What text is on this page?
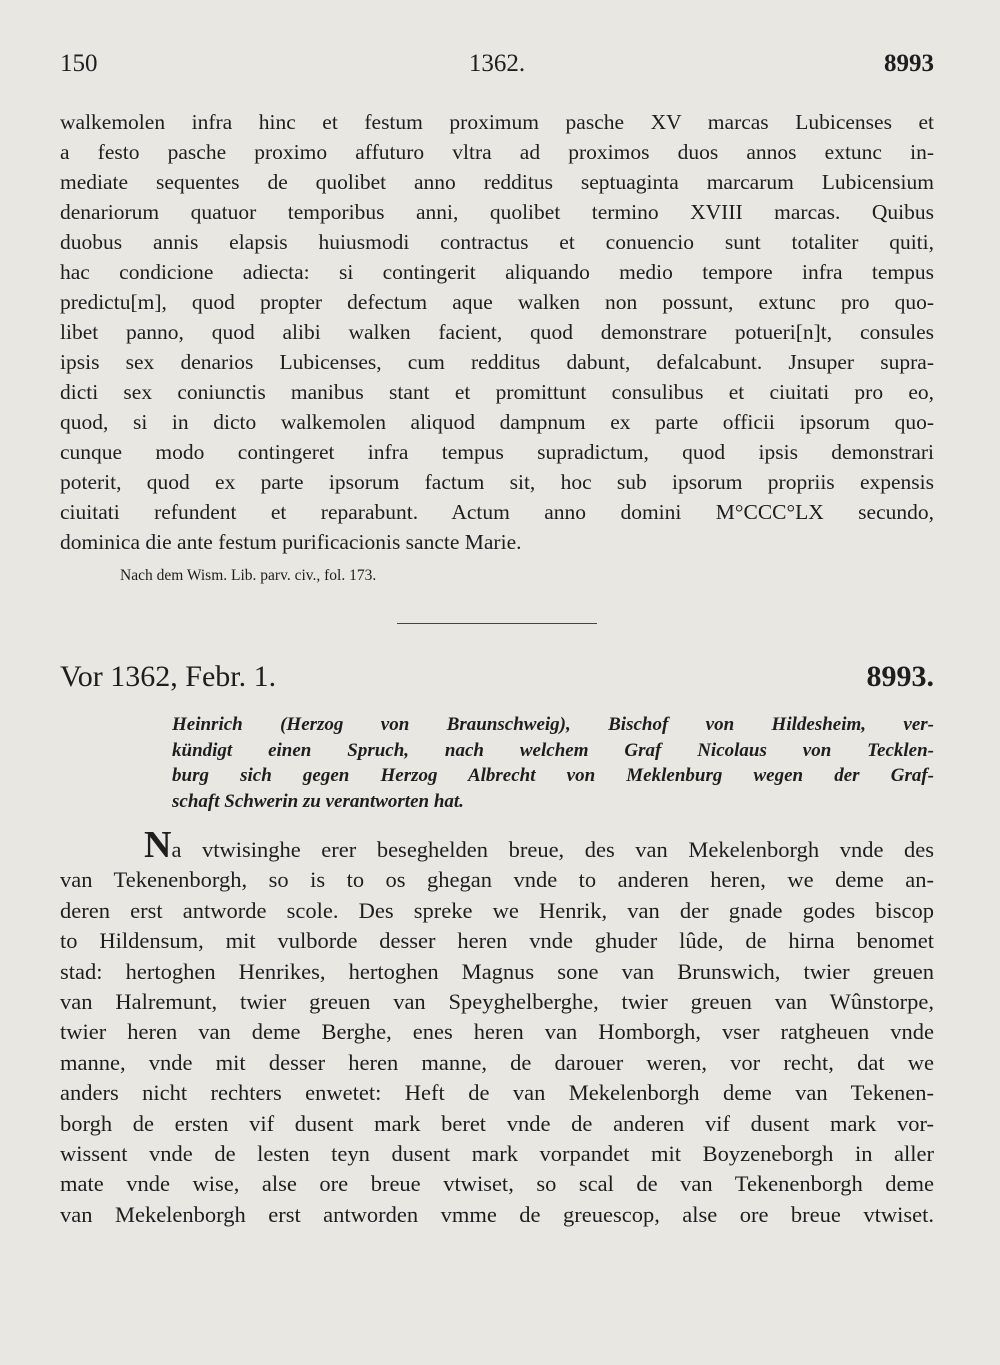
150	1362.	8993
walkemolen infra hinc et festum proximum pasche XV marcas Lubicenses et
a festo pasche proximo affuturo vltra ad proximos duos annos extunc in-
mediate sequentes de quolibet anno redditus septuaginta marcarum Lubicensium
denariorum quatuor temporibus anni, quolibet termino XVIII marcas. Quibus
duobus annis elapsis huiusmodi contractus et conuencio sunt totaliter quiti,
hac condicione adiecta: si contingerit aliquando medio tempore infra tempus
predictu[m], quod propter defectum aque walken non possunt, extunc pro quo-
libet panno, quod alibi walken facient, quod demonstrare potueri[n]t, consules
ipsis sex denarios Lubicenses, cum redditus dabunt, defalcabunt. Jnsuper supra-
dicti sex coniunctis manibus stant et promittunt consulibus et ciuitati pro eo,
quod, si in dicto walkemolen aliquod dampnum ex parte officii ipsorum quo-
cunque modo contingeret infra tempus supradictum, quod ipsis demonstrari
poterit, quod ex parte ipsorum factum sit, hoc sub ipsorum propriis expensis
ciuitati refundent et reparabunt. Actum anno domini M°CCC°LX secundo,
dominica die ante festum purificacionis sancte Marie.
Nach dem Wism. Lib. parv. civ., fol. 173.
Vor 1362, Febr. 1.	8993.
Heinrich (Herzog von Braunschweig), Bischof von Hildesheim, ver-
kündigt einen Spruch, nach welchem Graf Nicolaus von Tecklen-
burg sich gegen Herzog Albrecht von Meklenburg wegen der Graf-
schaft Schwerin zu verantworten hat.
Na vtwisinghe erer beseghelden breue, des van Mekelenborgh vnde des
van Tekenenborgh, so is to os ghegan vnde to anderen heren, we deme an-
deren erst antworde scole. Des spreke we Henrik, van der gnade godes biscop
to Hildensum, mit vulborde desser heren vnde ghuder lûde, de hirna benomet
stad: hertoghen Henrikes, hertoghen Magnus sone van Brunswich, twier greuen
van Halremunt, twier greuen van Speyghelberghe, twier greuen van Wûnstorpe,
twier heren van deme Berghe, enes heren van Homborgh, vser ratgheuen vnde
manne, vnde mit desser heren manne, de darouer weren, vor recht, dat we
anders nicht rechters enwetet: Heft de van Mekelenborgh deme van Tekenen-
borgh de ersten vif dusent mark beret vnde de anderen vif dusent mark vor-
wissent vnde de lesten teyn dusent mark vorpandet mit Boyzeneborgh in aller
mate vnde wise, alse ore breue vtwiset, so scal de van Tekenenborgh deme
van Mekelenborgh erst antworden vmme de greuescop, alse ore breue vtwiset.
